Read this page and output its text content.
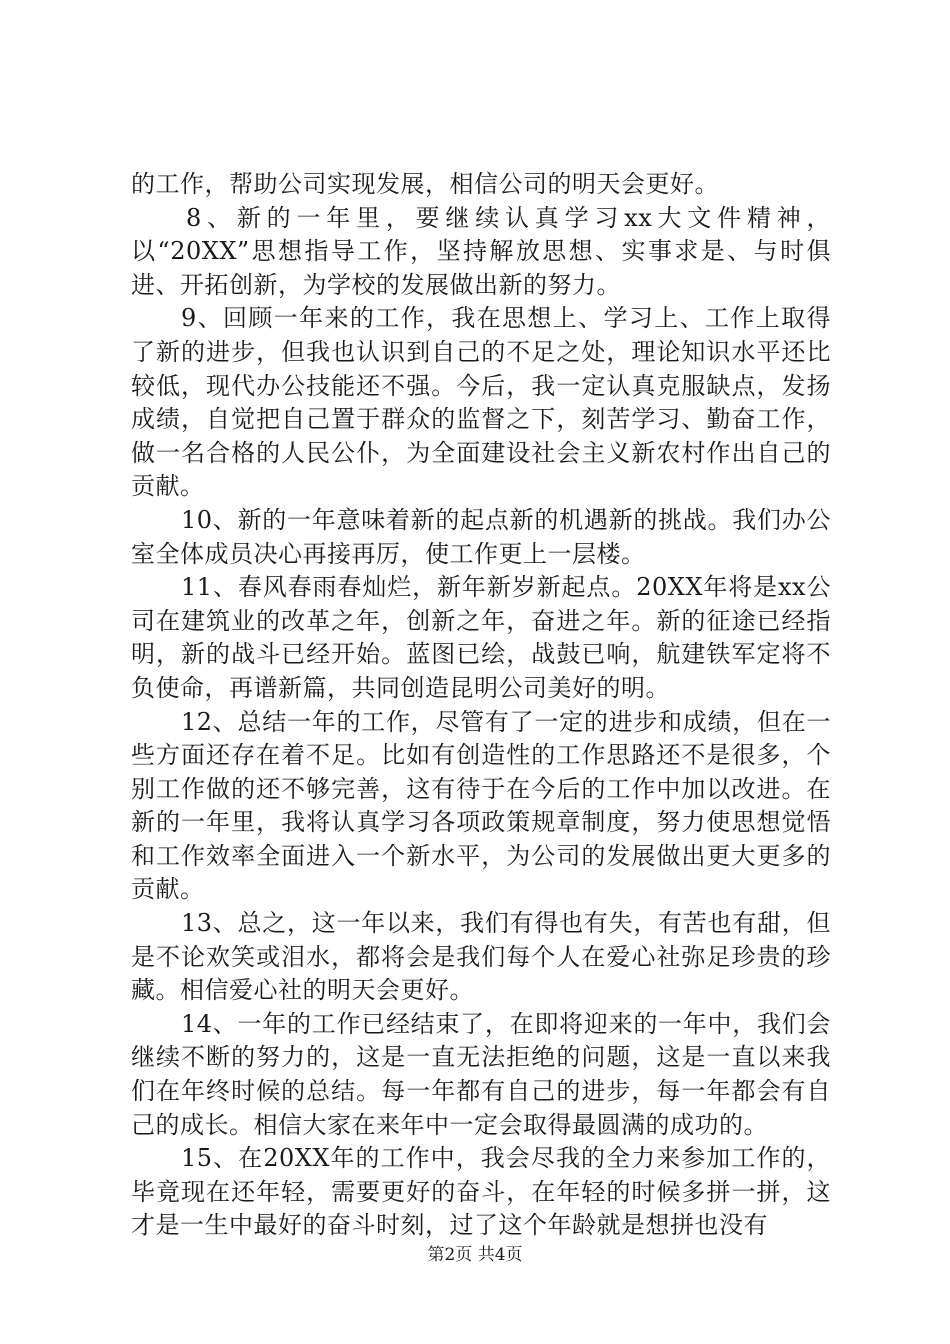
的工作，帮助公司实现发展，相信公司的明天会更好。

8、新的一年里，要继续认真学习xx大文件精神，以“20XX”思想指导工作，坚持解放思想、实事求是、与时俱进、开拓创新，为学校的发展做出新的努力。

9、回顾一年来的工作，我在思想上、学习上、工作上取得了新的进步，但我也认识到自己的不足之处，理论知识水平还比较低，现代办公技能还不强。今后，我一定认真克服缺点，发扬成绩，自觉把自己置于群众的监督之下，刻苦学习、勤奋工作，做一名合格的人民公仆，为全面建设社会主义新农村作出自己的贡献。

10、新的一年意味着新的起点新的机遇新的挑战。我们办公室全体成员决心再接再厉，使工作更上一层楼。

11、春风春雨春灿烂，新年新岁新起点。20XX年将是xx公司在建筑业的改革之年，创新之年，奋进之年。新的征途已经指明，新的战斗已经开始。蓝图已绘，战鼓已响，航建铁军定将不负使命，再谱新篇，共同创造昆明公司美好的明。

12、总结一年的工作，尽管有了一定的进步和成绩，但在一些方面还存在着不足。比如有创造性的工作思路还不是很多，个别工作做的还不够完善，这有待于在今后的工作中加以改进。在新的一年里，我将认真学习各项政策规章制度，努力使思想觉悟和工作效率全面进入一个新水平，为公司的发展做出更大更多的贡献。

13、总之，这一年以来，我们有得也有失，有苦也有甜，但是不论欢笑或泪水，都将会是我们每个人在爱心社弥足珍贵的珍藏。相信爱心社的明天会更好。

14、一年的工作已经结束了，在即将迎来的一年中，我们会继续不断的努力的，这是一直无法拒绝的问题，这是一直以来我们在年终时候的总结。每一年都有自己的进步，每一年都会有自己的成长。相信大家在来年中一定会取得最圆满的成功的。

15、在20XX年的工作中，我会尽我的全力来参加工作的，毕竟现在还年轻，需要更好的奋斗，在年轻的时候多拼一拼，这才是一生中最好的奋斗时刻，过了这个年龄就是想拼也没有

第2页 共4页
